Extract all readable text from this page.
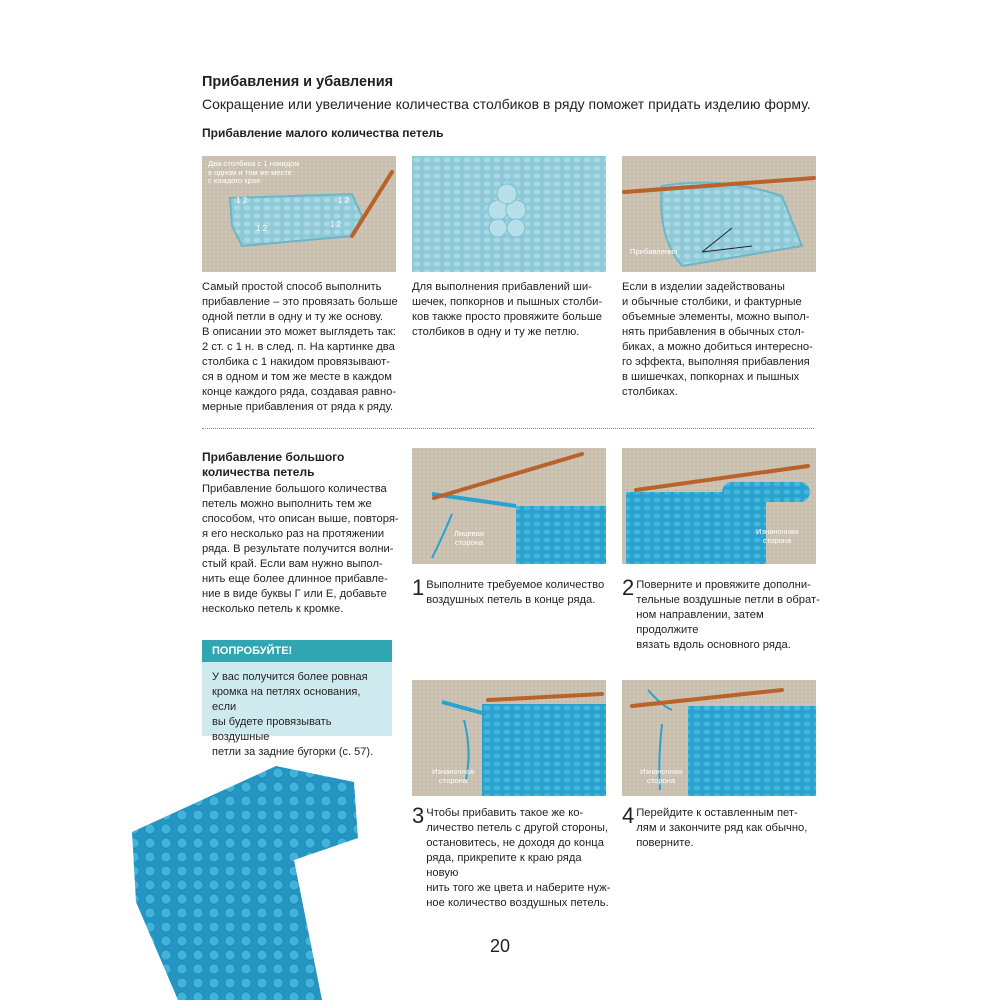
Прибавления и убавления
Сокращение или увеличение количества столбиков в ряду поможет придать изделию форму.
Прибавление малого количества петель
Два столбика с 1 накидом
в одном и том же месте
с каждого края
1 2
1 2	1 2
1 2
Прибавления
Самый простой способ выполнить
прибавление – это провязать больше
одной петли в одну и ту же основу.
В описании это может выглядеть так:
2 ст. с 1 н. в след. п. На картинке два
столбика с 1 накидом провязывают-
ся в одном и том же месте в каждом
конце каждого ряда, создавая равно-
мерные прибавления от ряда к ряду.
Для выполнения прибавлений ши-
шечек, попкорнов и пышных столби-
ков также просто провяжите больше
столбиков в одну и ту же петлю.
Если в изделии задействованы
и обычные столбики, и фактурные
объемные элементы, можно выпол-
нять прибавления в обычных стол-
биках, а можно добиться интересно-
го эффекта, выполняя прибавления
в шишечках, попкорнах и пышных
столбиках.
Прибавление большого
количества петель
Прибавление большого количества
петель можно выполнить тем же
способом, что описан выше, повторя-
я его несколько раз на протяжении
ряда. В результате получится волни-
стый край. Если вам нужно выпол-
нить еще более длинное прибавле-
ние в виде буквы Г или Е, добавьте
несколько петель к кромке.
ПОПРОБУЙТЕ!
У вас получится более ровная
кромка на петлях основания, если
вы будете провязывать воздушные
петли за задние бугорки (с. 57).
Лицевая
сторона
Изнаночная
сторона
Изнаночная
сторона
Изнаночная
сторона
1 Выполните требуемое количество
воздушных петель в конце ряда.	2 Поверните и провяжите дополни-
тельные воздушные петли в обрат-
ном направлении, затем продолжите
вязать вдоль основного ряда.
3 Чтобы прибавить такое же ко-
личество петель с другой стороны,
остановитесь, не доходя до конца
ряда, прикрепите к краю ряда новую
нить того же цвета и наберите нуж-
ное количество воздушных петель.
4 Перейдите к оставленным пет-
лям и закончите ряд как обычно,
поверните.
20
